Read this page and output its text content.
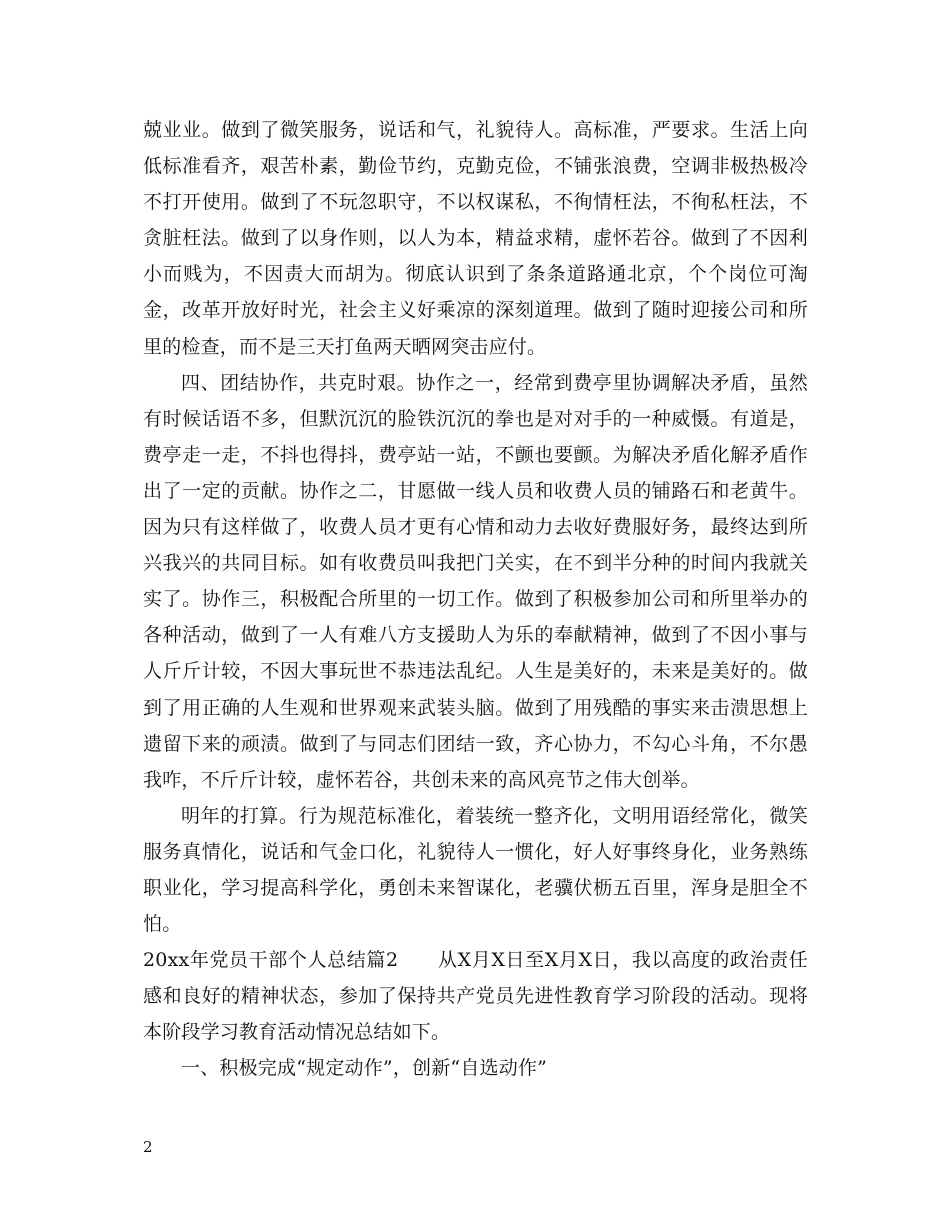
兢业业。做到了微笑服务，说话和气，礼貌待人。高标准，严要求。生活上向低标准看齐，艰苦朴素，勤俭节约，克勤克俭，不铺张浪费，空调非极热极冷不打开使用。做到了不玩忽职守，不以权谋私，不徇情枉法，不徇私枉法，不贪脏枉法。做到了以身作则，以人为本，精益求精，虚怀若谷。做到了不因利小而贱为，不因责大而胡为。彻底认识到了条条道路通北京，个个岗位可淘金，改革开放好时光，社会主义好乘凉的深刻道理。做到了随时迎接公司和所里的检查，而不是三天打鱼两天晒网突击应付。

四、团结协作，共克时艰。协作之一，经常到费亭里协调解决矛盾，虽然有时候话语不多，但默沉沉的脸铁沉沉的拳也是对对手的一种威慑。有道是，费亭走一走，不抖也得抖，费亭站一站，不颤也要颤。为解决矛盾化解矛盾作出了一定的贡献。协作之二，甘愿做一线人员和收费人员的铺路石和老黄牛。因为只有这样做了，收费人员才更有心情和动力去收好费服好务，最终达到所兴我兴的共同目标。如有收费员叫我把门关实，在不到半分种的时间内我就关实了。协作三，积极配合所里的一切工作。做到了积极参加公司和所里举办的各种活动，做到了一人有难八方支援助人为乐的奉献精神，做到了不因小事与人斤斤计较，不因大事玩世不恭违法乱纪。人生是美好的，未来是美好的。做到了用正确的人生观和世界观来武装头脑。做到了用残酷的事实来击溃思想上遗留下来的顽渍。做到了与同志们团结一致，齐心协力，不勾心斗角，不尔愚我咋，不斤斤计较，虚怀若谷，共创未来的高风亮节之伟大创举。

明年的打算。行为规范标准化，着装统一整齐化，文明用语经常化，微笑服务真情化，说话和气金口化，礼貌待人一惯化，好人好事终身化，业务熟练职业化，学习提高科学化，勇创未来智谋化，老骥伏枥五百里，浑身是胆全不怕。

20xx年党员干部个人总结篇2　　从X月X日至X月X日，我以高度的政治责任感和良好的精神状态，参加了保持共产党员先进性教育学习阶段的活动。现将本阶段学习教育活动情况总结如下。

一、积极完成“规定动作”，创新“自选动作”

2
